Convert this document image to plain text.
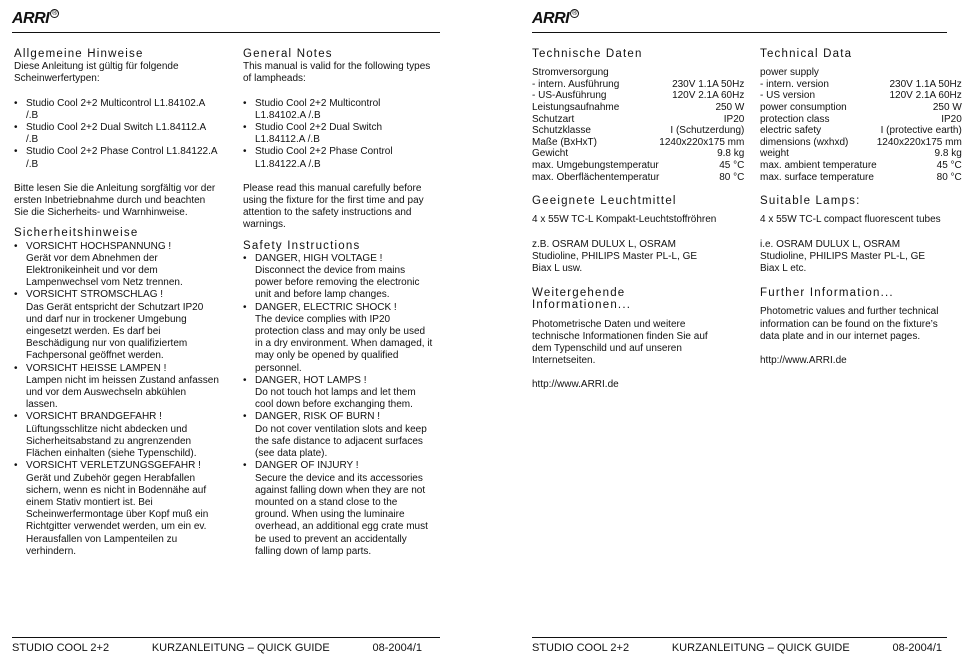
ARRI ®
Allgemeine Hinweise

Diese Anleitung ist gültig für folgende Scheinwerfertypen:

• Studio Cool 2+2 Multicontrol L1.84102.A /.B
• Studio Cool 2+2 Dual Switch L1.84112.A /.B
• Studio Cool 2+2 Phase Control L1.84122.A /.B

Bitte lesen Sie die Anleitung sorgfältig vor der ersten Inbetriebnahme durch und beachten Sie die Sicherheits- und Warnhinweise.

Sicherheitshinweise
• VORSICHT HOCHSPANNUNG !
Gerät vor dem Abnehmen der Elektronikeinheit und vor dem Lampenwechsel vom Netz trennen.
• VORSICHT STROMSCHLAG !
Das Gerät entspricht der Schutzart IP20 und darf nur in trockener Umgebung eingesetzt werden. Es darf bei Beschädigung nur von qualifiziertem Fachpersonal geöffnet werden.
• VORSICHT HEISSE LAMPEN !
Lampen nicht im heissen Zustand anfassen und vor dem Auswechseln abkühlen lassen.
• VORSICHT BRANDGEFAHR !
Lüftungsschlitze nicht abdecken und Sicherheitsabstand zu angrenzenden Flächen einhalten (siehe Typenschild).
• VORSICHT VERLETZUNGSGEFAHR !
Gerät und Zubehör gegen Herabfallen sichern, wenn es nicht in Bodennähe auf einem Stativ montiert ist. Bei Scheinwerfermontage über Kopf muß ein Richtgitter verwendet werden, um ein ev. Herausfallen von Lampenteilen zu verhindern.
General Notes

This manual is valid for the following types of lampheads:

• Studio Cool 2+2 Multicontrol L1.84102.A /.B
• Studio Cool 2+2 Dual Switch L1.84112.A /.B
• Studio Cool 2+2 Phase Control L1.84122.A /.B

Please read this manual carefully before using the fixture for the first time and pay attention to the safety instructions and warnings.

Safety Instructions
• DANGER, HIGH VOLTAGE !
Disconnect the device from mains power before removing the electronic unit and before lamp changes.
• DANGER, ELECTRIC SHOCK !
The device complies with IP20 protection class and may only be used in a dry environment. When damaged, it may only be opened by qualified personnel.
• DANGER, HOT LAMPS !
Do not touch hot lamps and let them cool down before exchanging them.
• DANGER, RISK OF BURN !
Do not cover ventilation slots and keep the safe distance to adjacent surfaces (see data plate).
• DANGER OF INJURY !
Secure the device and its accessories against falling down when they are not mounted on a stand close to the ground. When using the luminaire overhead, an additional egg crate must be used to prevent an accidentally falling down of lamp parts.
STUDIO COOL 2+2	KURZANLEITUNG – QUICK GUIDE	08-2004/1
ARRI ®
Technische Daten
Stromversorgung	
- intern. Ausführung	230V 1.1A 50Hz
- US-Ausführung	120V 2.1A 60Hz
Leistungsaufnahme	250 W
Schutzart	IP20
Schutzklasse	I (Schutzerdung)
Maße (BxHxT)	1240x220x175 mm
Gewicht	9.8 kg
max. Umgebungstemperatur	45 °C
max. Oberflächentemperatur	80 °C
Geeignete Leuchtmittel

4 x 55W TC-L Kompakt-Leuchtstoffröhren

z.B. OSRAM DULUX L, OSRAM Studioline, PHILIPS Master PL-L, GE Biax L usw.

Weitergehende Informationen...

Photometrische Daten und weitere technische Informationen finden Sie auf dem Typenschild und auf unseren Internetseiten.

http://www.ARRI.de

Technical Data
power supply	
- intern. version	230V 1.1A 50Hz
- US version	120V 2.1A 60Hz
power consumption	250 W
protection class	IP20
electric safety	I (protective earth)
dimensions (wxhxd)	1240x220x175 mm
weight	9.8 kg
max. ambient temperature	45 °C
max. surface temperature	80 °C
Suitable Lamps:

4 x 55W TC-L compact fluorescent tubes

i.e. OSRAM DULUX L, OSRAM Studioline, PHILIPS Master PL-L, GE Biax L etc.

Further Information...

Photometric values and further technical information can be found on the fixture’s data plate and in our internet pages.

http://www.ARRI.de

STUDIO COOL 2+2	KURZANLEITUNG – QUICK GUIDE	08-2004/1
